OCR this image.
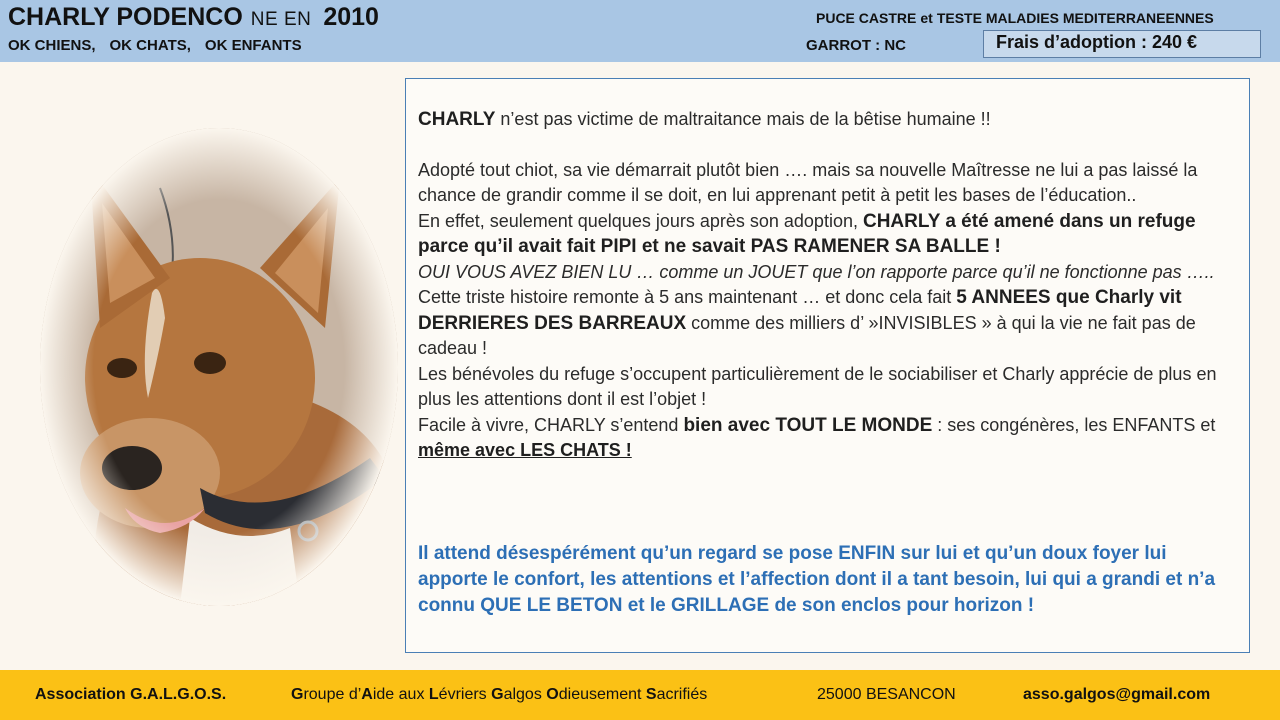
CHARLY PODENCO NE EN 2010
OK CHIENS, OK CHATS, OK ENFANTS
PUCE CASTRE et TESTE MALADIES MEDITERRANEENNES
GARROT : NC	Frais d’adoption : 240 €

CHARLY n’est pas victime de maltraitance mais de la bêtise humaine !!

Adopté tout chiot, sa vie démarrait plutôt bien …. mais sa nouvelle Maîtresse ne lui a pas laissé la chance de grandir comme il se doit, en lui apprenant petit à petit les bases de l’éducation..

En effet, seulement quelques jours après son adoption, CHARLY a été amené dans un refuge parce qu’il avait fait PIPI et ne savait PAS RAMENER SA BALLE !

OUI VOUS AVEZ BIEN LU … comme un JOUET que l’on rapporte parce qu’il ne fonctionne pas …..

Cette triste histoire remonte à 5 ans maintenant … et donc cela fait 5 ANNEES que Charly vit DERRIERES DES BARREAUX comme des milliers d’ »INVISIBLES » à qui la vie ne fait pas de cadeau !

Les bénévoles du refuge s’occupent particulièrement de le sociabiliser et Charly apprécie de plus en plus les attentions dont il est l’objet !

Facile à vivre, CHARLY s’entend bien avec TOUT LE MONDE : ses congénères, les ENFANTS et même avec LES CHATS !

Il attend désespérément qu’un regard se pose ENFIN sur lui et qu’un doux foyer lui apporte le confort, les attentions et l’affection dont il a tant besoin, lui qui a grandi et n’a connu QUE LE BETON et le GRILLAGE de son enclos pour horizon !
Association G.A.L.G.O.S.	Groupe d’Aide aux Lévriers Galgos Odieusement Sacrifiés	25000 BESANCON	asso.galgos@gmail.com
